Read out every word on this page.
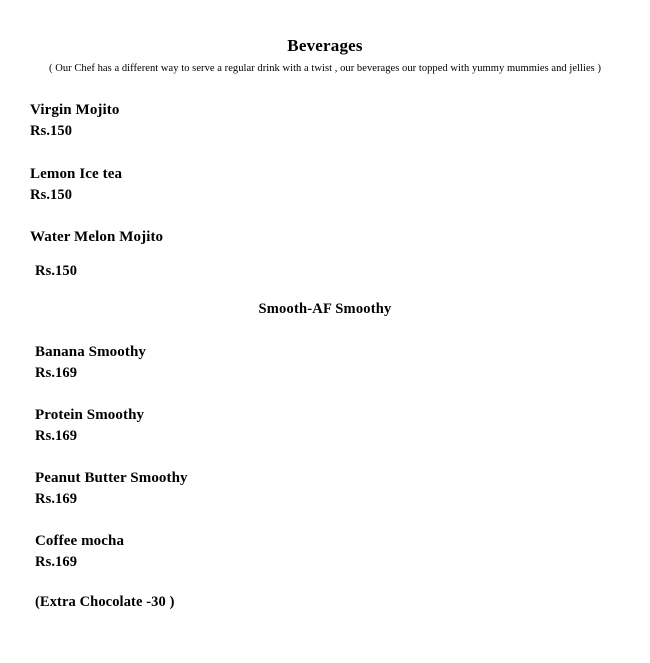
Beverages
( Our Chef has a different way to serve a regular drink with a twist , our beverages our topped with yummy mummies and jellies )
Virgin Mojito
Rs.150
Lemon Ice tea
Rs.150
Water Melon Mojito
Rs.150
Smooth-AF Smoothy
Banana Smoothy
Rs.169
Protein Smoothy
Rs.169
Peanut Butter Smoothy
Rs.169
Coffee mocha
Rs.169
(Extra Chocolate -30 )
